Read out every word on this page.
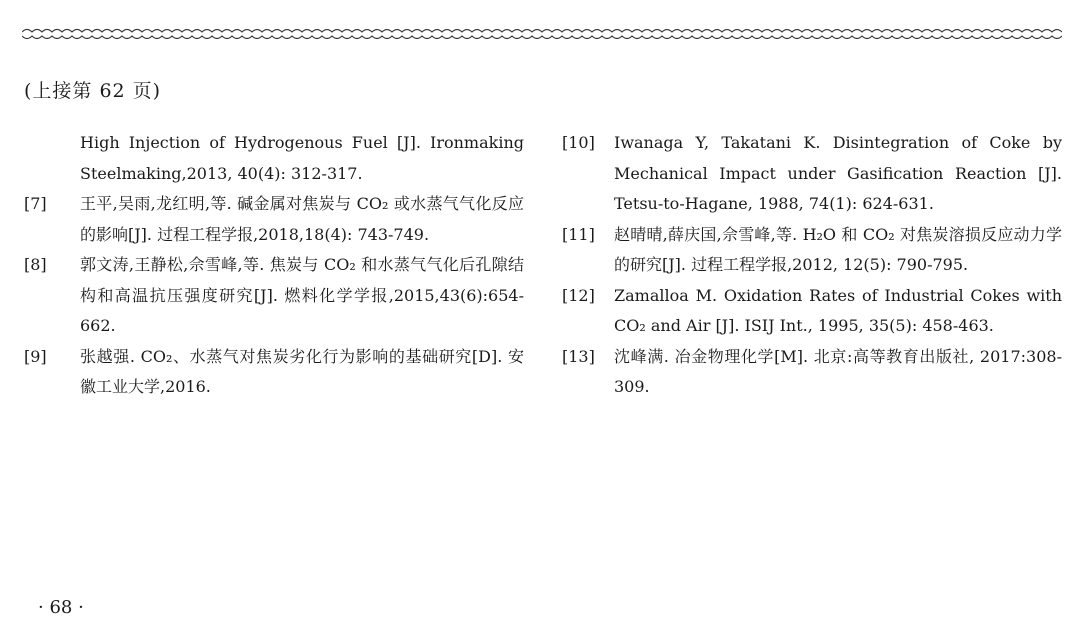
(上接第 62 页)
High Injection of Hydrogenous Fuel [J]. Ironmaking Steelmaking,2013, 40(4): 312-317.
[7]	王平,吴雨,龙红明,等. 碱金属对焦炭与 CO₂ 或水蒸气气化反应的影响[J]. 过程工程学报,2018,18(4): 743-749.
[8]	郭文涛,王静松,佘雪峰,等. 焦炭与 CO₂ 和水蒸气气化后孔隙结构和高温抗压强度研究[J]. 燃料化学学报,2015,43(6):654-662.
[9]	张越强. CO₂、水蒸气对焦炭劣化行为影响的基础研究[D]. 安徽工业大学,2016.
[10]	Iwanaga Y, Takatani K. Disintegration of Coke by Mechanical Impact under Gasification Reaction [J]. Tetsu-to-Hagane, 1988, 74(1): 624-631.
[11]	赵晴晴,薛庆国,佘雪峰,等. H₂O 和 CO₂ 对焦炭溶损反应动力学的研究[J]. 过程工程学报,2012, 12(5): 790-795.
[12]	Zamalloa M. Oxidation Rates of Industrial Cokes with CO₂ and Air [J]. ISIJ Int., 1995, 35(5): 458-463.
[13]	沈峰满. 冶金物理化学[M]. 北京:高等教育出版社, 2017:308-309.
· 68 ·
